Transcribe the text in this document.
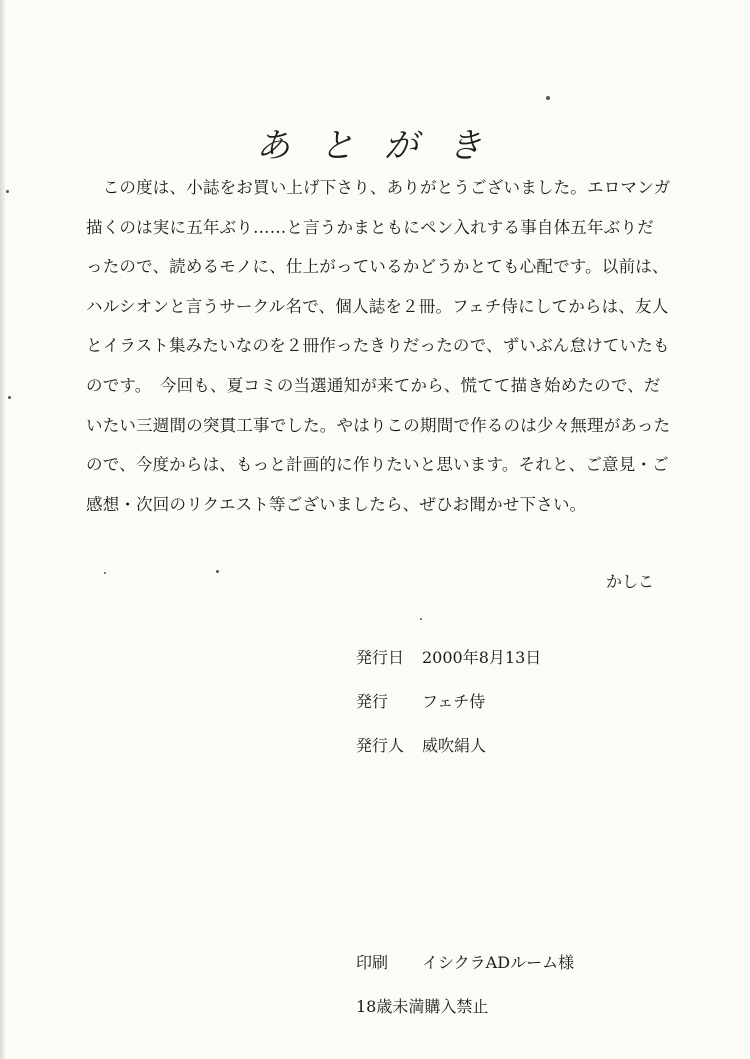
あとがき
　この度は、小誌をお買い上げ下さり、ありがとうございました。エロマンガ
描くのは実に五年ぶり……と言うかまともにペン入れする事自体五年ぶりだ
ったので、読めるモノに、仕上がっているかどうかとても心配です。以前は、
ハルシオンと言うサークル名で、個人誌を２冊。フェチ侍にしてからは、友人
とイラスト集みたいなのを２冊作ったきりだったので、ずいぶん怠けていたも
のです。　今回も、夏コミの当選通知が来てから、慌てて描き始めたので、だ
いたい三週間の突貫工事でした。やはりこの期間で作るのは少々無理があった
ので、今度からは、もっと計画的に作りたいと思います。それと、ご意見・ご
感想・次回のリクエスト等ございましたら、ぜひお聞かせ下さい。
かしこ
発行日	2000年8月13日
発行	フェチ侍
発行人	威吹絹人
印刷	イシクラADルーム様
18歳未満購入禁止
